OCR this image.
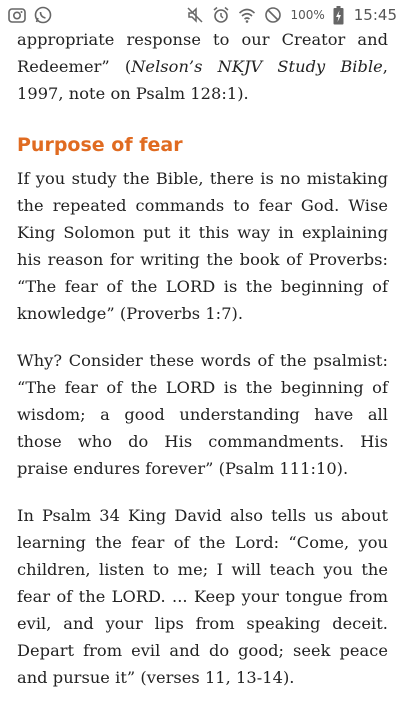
100% 15:45

appropriate response to our Creator and Redeemer” (Nelson’s NKJV Study Bible, 1997, note on Psalm 128:1).

Purpose of fear

If you study the Bible, there is no mistaking the repeated commands to fear God. Wise King Solomon put it this way in explaining his reason for writing the book of Proverbs: “The fear of the LORD is the beginning of knowledge” (Proverbs 1:7).

Why? Consider these words of the psalmist: “The fear of the LORD is the beginning of wisdom; a good understanding have all those who do His commandments. His praise endures forever” (Psalm 111:10).

In Psalm 34 King David also tells us about learning the fear of the Lord: “Come, you children, listen to me; I will teach you the fear of the LORD. ... Keep your tongue from evil, and your lips from speaking deceit. Depart from evil and do good; seek peace and pursue it” (verses 11, 13-14).
